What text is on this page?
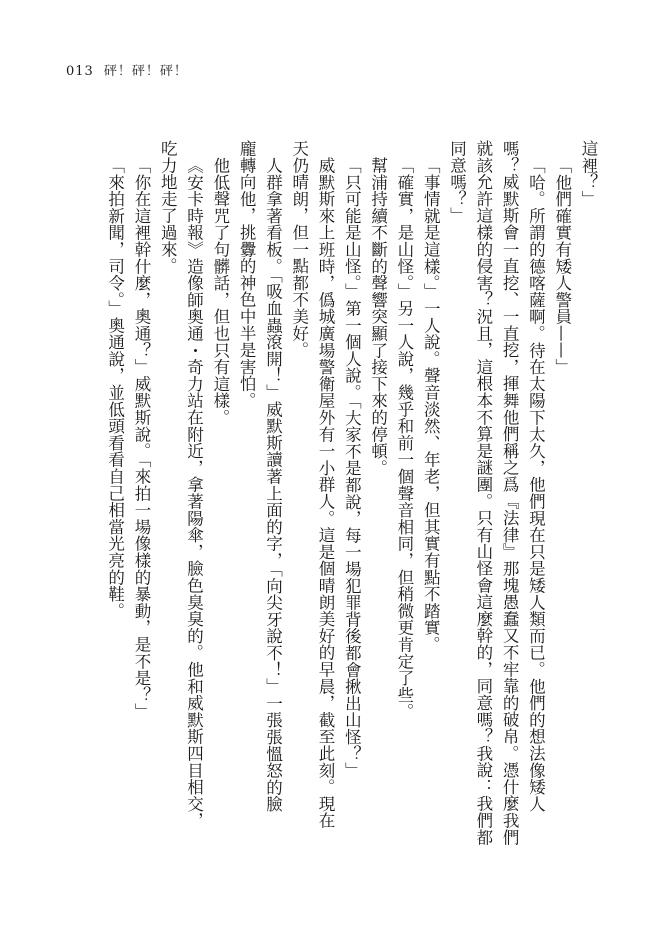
013 砰！砰！砰！
這裡？」
「他們確實有矮人警員——」
「哈。所謂的德喀薩啊。待在太陽下太久，他們現在只是矮人類而已。他們的想法像矮人
嗎？威默斯會一直挖、一直挖，揮舞他們稱之爲『法律』那塊愚蠢又不牢靠的破帛。憑什麼我們
就該允許這樣的侵害？況且，這根本不算是謎團。只有山怪會這麼幹的，同意嗎？我說：我們都
同意嗎？」
「事情就是這樣。」一人說。聲音淡然、年老，但其實有點不踏實。
「確實，是山怪。」另一人說，幾乎和前一個聲音相同，但稍微更肯定了些。
幫浦持續不斷的聲響突顯了接下來的停頓。
「只可能是山怪。」第一個人說。「大家不是都說，每一場犯罪背後都會揪出山怪？」
威默斯來上班時，僞城廣場警衛屋外有一小群人。這是個晴朗美好的早晨，截至此刻。現在
天仍晴朗，但一點都不美好。
人群拿著看板。「吸血蟲滾開！」威默斯讀著上面的字，「向尖牙說不！」一張張慍怒的臉
龐轉向他，挑釁的神色中半是害怕。
他低聲咒了句髒話，但也只有這樣。
《安卡時報》造像師奧通・奇力站在附近，拿著陽傘，臉色臭臭的。他和威默斯四目相交，
吃力地走了過來。
「你在這裡幹什麼，奧通？」威默斯說。「來拍一場像樣的暴動，是不是？」
「來拍新聞，司令。」奧通說，並低頭看看自己相當光亮的鞋。
